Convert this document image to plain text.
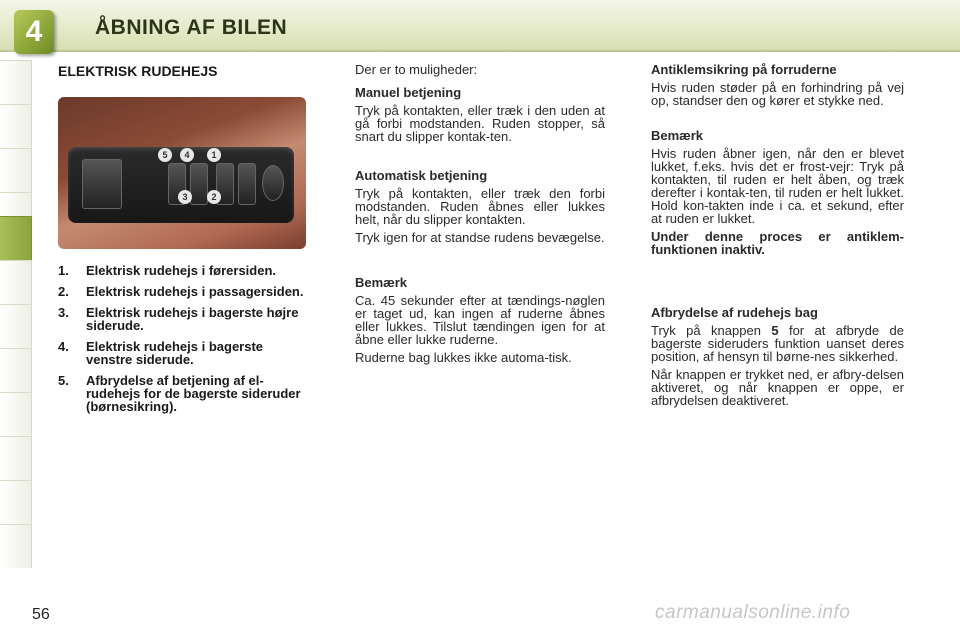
4	ÅBNING AF BILEN
ELEKTRISK RUDEHEJS
5	4	1
3	2
1. Elektrisk rudehejs i førersiden.
2. Elektrisk rudehejs i passagersiden.
3. Elektrisk rudehejs i bagerste højre siderude.
4. Elektrisk rudehejs i bagerste venstre siderude.
5. Afbrydelse af betjening af el-rudehejs for de bagerste sideruder (børnesikring).

Der er to muligheder:

Manuel betjening

Tryk på kontakten, eller træk i den uden at gå forbi modstanden. Ruden stopper, så snart du slipper kontak-ten.

Automatisk betjening

Tryk på kontakten, eller træk den forbi modstanden. Ruden åbnes eller lukkes helt, når du slipper kontakten.

Tryk igen for at standse rudens bevægelse.

Bemærk

Ca. 45 sekunder efter at tændings-nøglen er taget ud, kan ingen af ruderne åbnes eller lukkes. Tilslut tændingen igen for at åbne eller lukke ruderne.

Ruderne bag lukkes ikke automa-tisk.

Antiklemsikring på forruderne

Hvis ruden støder på en forhindring på vej op, standser den og kører et stykke ned.

Bemærk

Hvis ruden åbner igen, når den er blevet lukket, f.eks. hvis det er frost-vejr: Tryk på kontakten, til ruden er helt åben, og træk derefter i kontak-ten, til ruden er helt lukket. Hold kon-takten inde i ca. et sekund, efter at ruden er lukket.

Under denne proces er antiklem-funktionen inaktiv.

Afbrydelse af rudehejs bag

Tryk på knappen 5 for at afbryde de bagerste sideruders funktion uanset deres position, af hensyn til børne-nes sikkerhed.

Når knappen er trykket ned, er afbry-delsen aktiveret, og når knappen er oppe, er afbrydelsen deaktiveret.

56	carmanualsonline.info
